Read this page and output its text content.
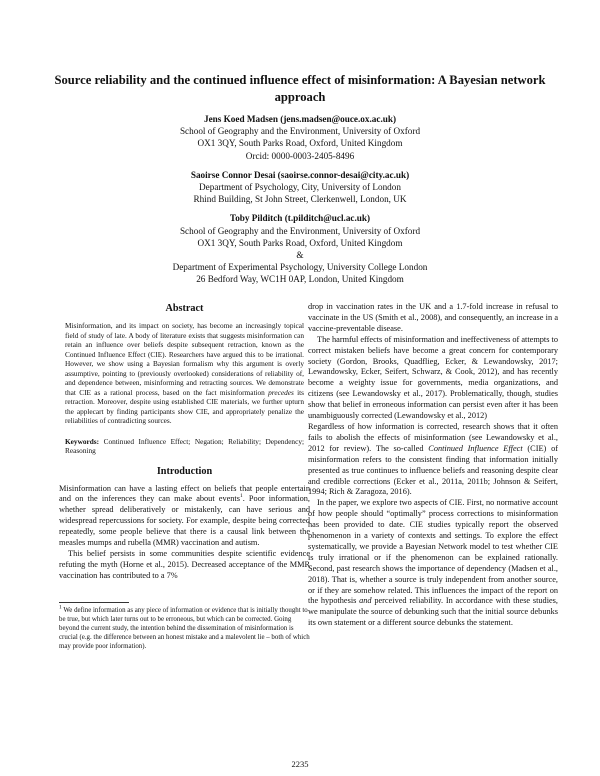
Source reliability and the continued influence effect of misinformation: A Bayesian network approach
Jens Koed Madsen (jens.madsen@ouce.ox.ac.uk)
School of Geography and the Environment, University of Oxford
OX1 3QY, South Parks Road, Oxford, United Kingdom
Orcid: 0000-0003-2405-8496
Saoirse Connor Desai (saoirse.connor-desai@city.ac.uk)
Department of Psychology, City, University of London
Rhind Building, St John Street, Clerkenwell, London, UK
Toby Pilditch (t.pilditch@ucl.ac.uk)
School of Geography and the Environment, University of Oxford
OX1 3QY, South Parks Road, Oxford, United Kingdom
&
Department of Experimental Psychology, University College London
26 Bedford Way, WC1H 0AP, London, United Kingdom
Abstract

Misinformation, and its impact on society, has become an increasingly topical field of study of late. A body of literature exists that suggests misinformation can retain an influence over beliefs despite subsequent retraction, known as the Continued Influence Effect (CIE). Researchers have argued this to be irrational. However, we show using a Bayesian formalism why this argument is overly assumptive, pointing to (previously overlooked) considerations of reliability of, and dependence between, misinforming and retracting sources. We demonstrate that CIE as a rational process, based on the fact misinformation precedes its retraction. Moreover, despite using established CIE materials, we further upturn the applecart by finding participants show CIE, and appropriately penalize the reliabilities of contradicting sources.

Keywords: Continued Influence Effect; Negation; Reliability; Dependency; Reasoning

Introduction

Misinformation can have a lasting effect on beliefs that people entertain and on the inferences they can make about events$^1$. Poor information, whether spread deliberatively or mistakenly, can have serious and widespread repercussions for society. For example, despite being corrected repeatedly, some people believe that there is a causal link between the measles mumps and rubella (MMR) vaccination and autism.

This belief persists in some communities despite scientific evidence refuting the myth (Horne et al., 2015). Decreased acceptance of the MMR vaccination has contributed to a 7%

$^1$ We define information as any piece of information or evidence that is initially thought to be true, but which later turns out to be erroneous, but which can be corrected. Going beyond the current study, the intention behind the dissemination of misinformation is crucial (e.g. the difference between an honest mistake and a malevolent lie – both of which may provide poor information).

drop in vaccination rates in the UK and a 1.7-fold increase in refusal to vaccinate in the US (Smith et al., 2008), and consequently, an increase in a vaccine-preventable disease.

The harmful effects of misinformation and ineffectiveness of attempts to correct mistaken beliefs have become a great concern for contemporary society (Gordon, Brooks, Quadflieg, Ecker, & Lewandowsky, 2017; Lewandowsky, Ecker, Seifert, Schwarz, & Cook, 2012), and has recently become a weighty issue for governments, media organizations, and citizens (see Lewandowsky et al., 2017). Problematically, though, studies show that belief in erroneous information can persist even after it has been unambiguously corrected (Lewandowsky et al., 2012)

Regardless of how information is corrected, research shows that it often fails to abolish the effects of misinformation (see Lewandowsky et al., 2012 for review). The so-called Continued Influence Effect (CIE) of misinformation refers to the consistent finding that information initially presented as true continues to influence beliefs and reasoning despite clear and credible corrections (Ecker et al., 2011a, 2011b; Johnson & Seifert, 1994; Rich & Zaragoza, 2016).

In the paper, we explore two aspects of CIE. First, no normative account of how people should “optimally” process corrections to misinformation has been provided to date. CIE studies typically report the observed phenomenon in a variety of contexts and settings. To explore the effect systematically, we provide a Bayesian Network model to test whether CIE is truly irrational or if the phenomenon can be explained rationally. Second, past research shows the importance of dependency (Madsen et al., 2018). That is, whether a source is truly independent from another source, or if they are somehow related. This influences the impact of the report on the hypothesis and perceived reliability. In accordance with these studies, we manipulate the source of debunking such that the initial source debunks its own statement or a different source debunks the statement.

2235
